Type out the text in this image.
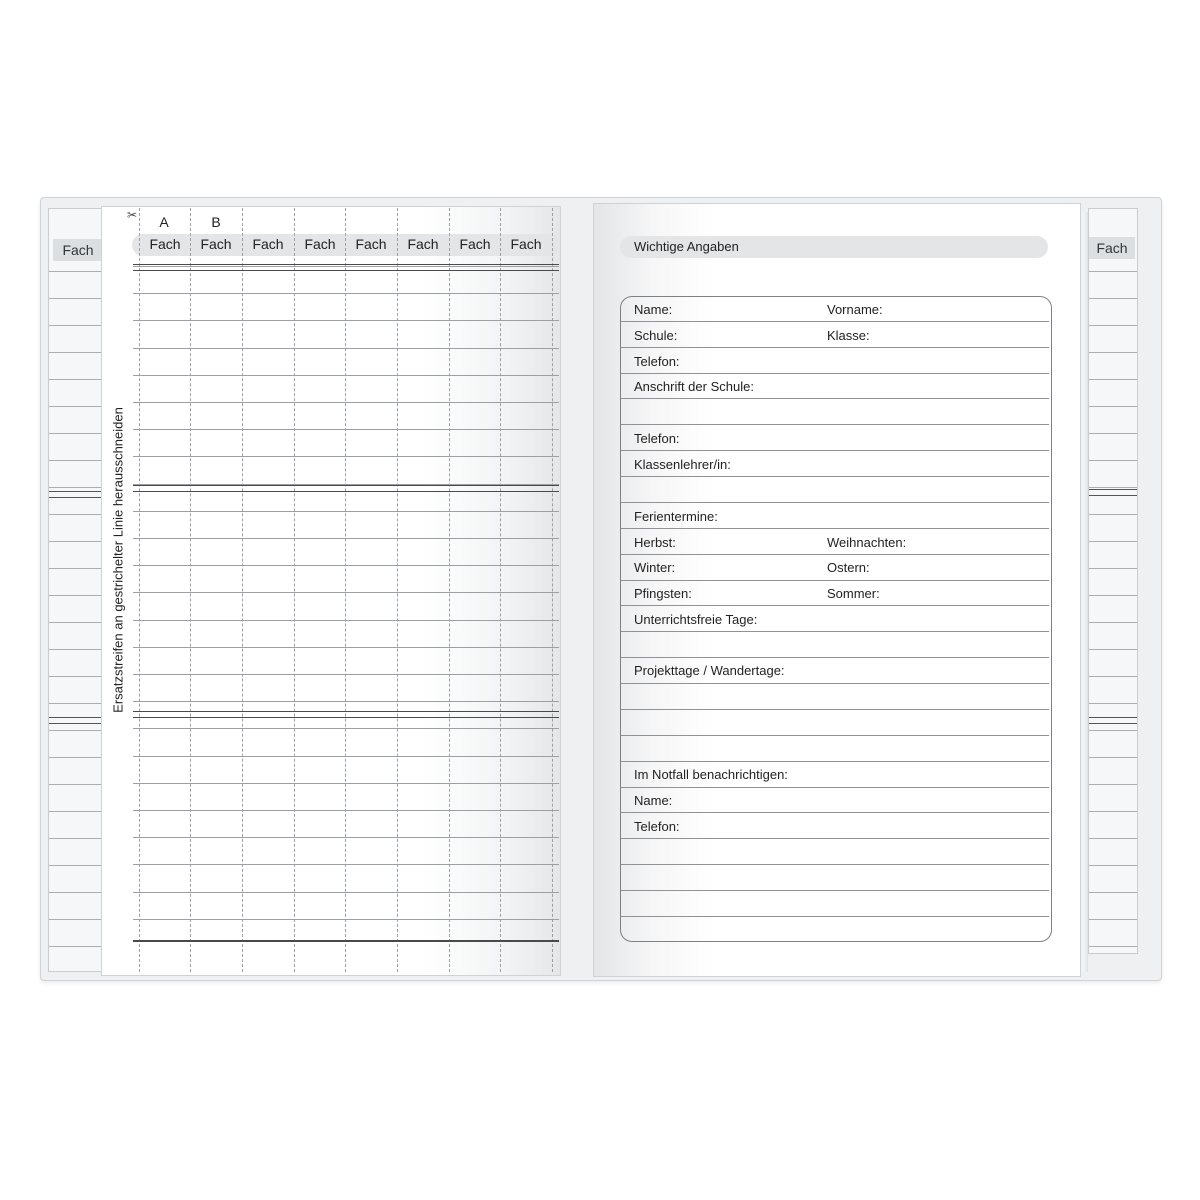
Fach	Fach
✂	A	B
Fach	Fach	Fach	Fach	Fach	Fach	Fach	Fach
Ersatzstreifen an gestrichelter Linie herausschneiden
Wichtige Angaben
Name:	Vorname:
Schule:	Klasse:
Telefon:
Anschrift der Schule:
Telefon:
Klassenlehrer/in:
Ferientermine:
Herbst:	Weihnachten:
Winter:	Ostern:
Pfingsten:	Sommer:
Unterrichtsfreie Tage:
Projekttage / Wandertage:
Im Notfall benachrichtigen:
Name:
Telefon:
